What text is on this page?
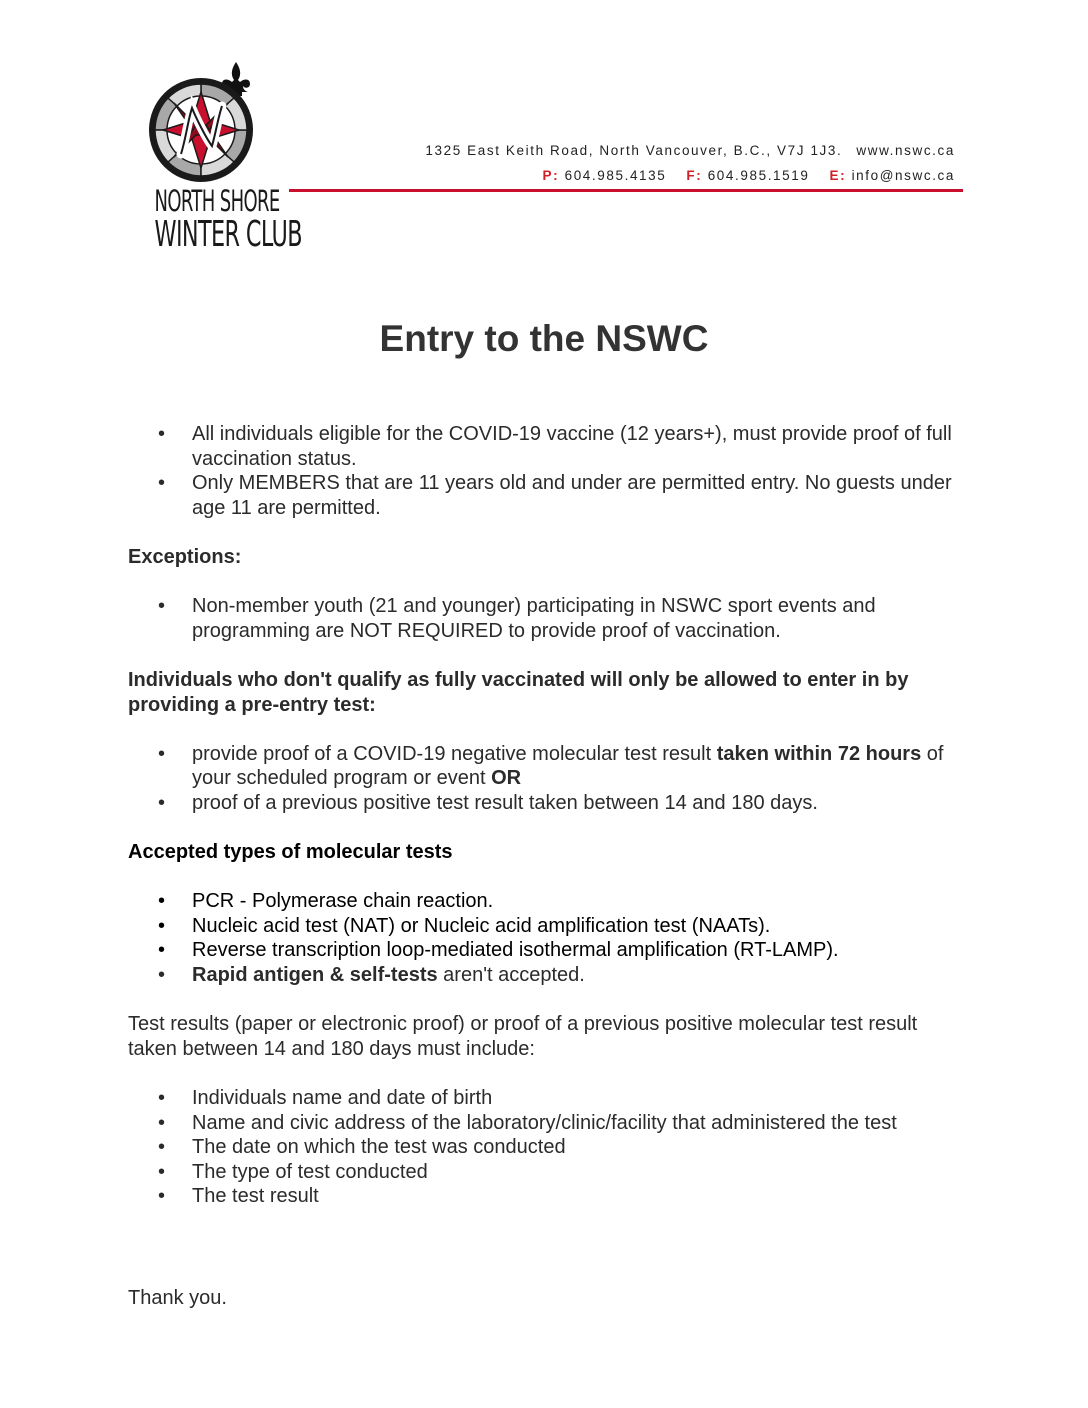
NORTH SHORE
WINTER CLUB
1325 East Keith Road, North Vancouver, B.C., V7J 1J3. www.nswc.ca
P: 604.985.4135 F: 604.985.1519 E: info@nswc.ca
Entry to the NSWC
• All individuals eligible for the COVID-19 vaccine (12 years+), must provide proof of full vaccination status.
• Only MEMBERS that are 11 years old and under are permitted entry. No guests under age 11 are permitted.

Exceptions:

• Non-member youth (21 and younger) participating in NSWC sport events and programming are NOT REQUIRED to provide proof of vaccination.

Individuals who don't qualify as fully vaccinated will only be allowed to enter in by providing a pre-entry test:

• provide proof of a COVID-19 negative molecular test result taken within 72 hours of your scheduled program or event OR
• proof of a previous positive test result taken between 14 and 180 days.

Accepted types of molecular tests

• PCR - Polymerase chain reaction.
• Nucleic acid test (NAT) or Nucleic acid amplification test (NAATs).
• Reverse transcription loop-mediated isothermal amplification (RT-LAMP).
• Rapid antigen & self-tests aren't accepted.

Test results (paper or electronic proof) or proof of a previous positive molecular test result taken between 14 and 180 days must include:

• Individuals name and date of birth
• Name and civic address of the laboratory/clinic/facility that administered the test
• The date on which the test was conducted
• The type of test conducted
• The test result
Thank you.
